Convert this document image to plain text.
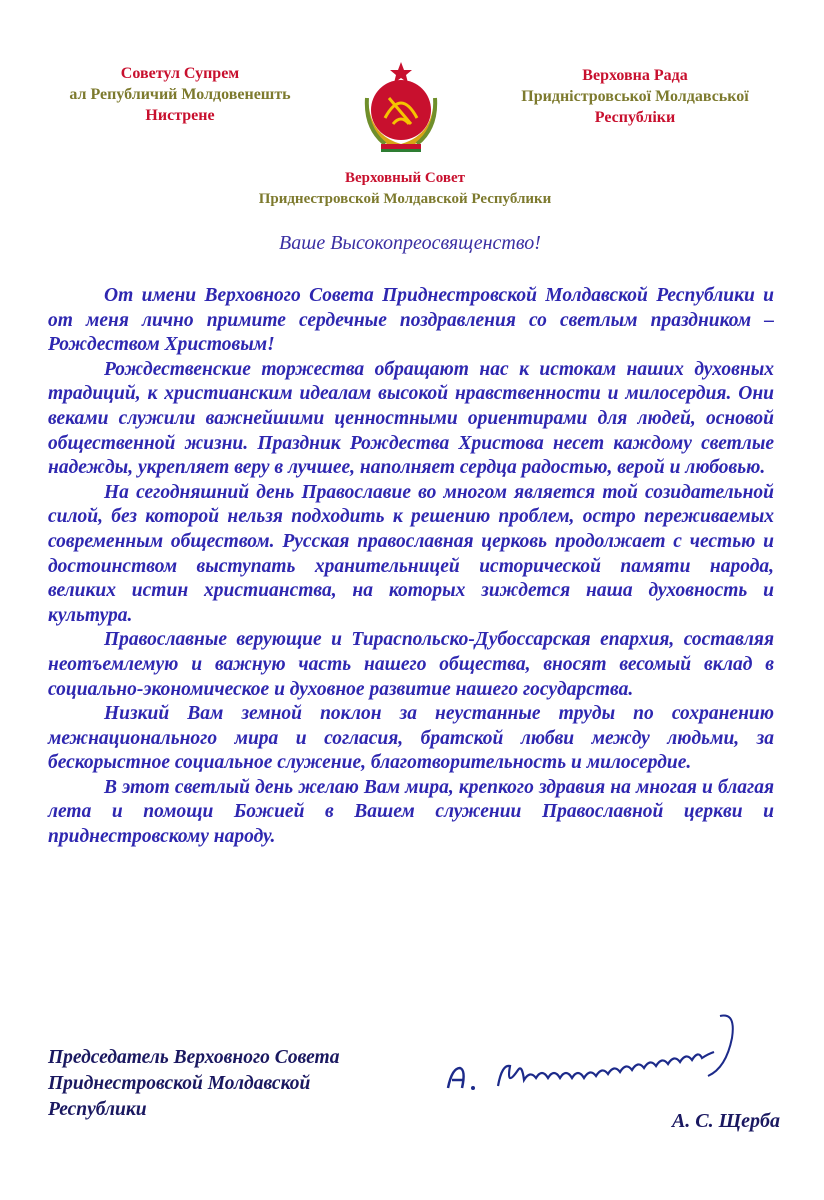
Советул Супрем
ал Републичий Молдовенешть
Нистрене
Верховна Рада
Придністровської Молдавської
Республіки
Верховный Совет
Приднестровской Молдавской Республики
Ваше Высокопреосвященство!

От имени Верховного Совета Приднестровской Молдавской Республики и от меня лично примите сердечные поздравления со светлым праздником – Рождеством Христовым!

Рождественские торжества обращают нас к истокам наших духовных традиций, к христианским идеалам высокой нравственности и милосердия. Они веками служили важнейшими ценностными ориентирами для людей, основой общественной жизни. Праздник Рождества Христова несет каждому светлые надежды, укрепляет веру в лучшее, наполняет сердца радостью, верой и любовью.

На сегодняшний день Православие во многом является той созидательной силой, без которой нельзя подходить к решению проблем, остро переживаемых современным обществом. Русская православная церковь продолжает с честью и достоинством выступать хранительницей исторической памяти народа, великих истин христианства, на которых зиждется наша духовность и культура.

Православные верующие и Тираспольско-Дубоссарская епархия, составляя неотъемлемую и важную часть нашего общества, вносят весомый вклад в социально-экономическое и духовное развитие нашего государства.

Низкий Вам земной поклон за неустанные труды по сохранению межнационального мира и согласия, братской любви между людьми, за бескорыстное социальное служение, благотворительность и милосердие.

В этот светлый день желаю Вам мира, крепкого здравия на многая и благая лета и помощи Божией в Вашем служении Православной церкви и приднестровскому народу.

Председатель Верховного Совета
Приднестровской Молдавской
Республики
А. С. Щерба
